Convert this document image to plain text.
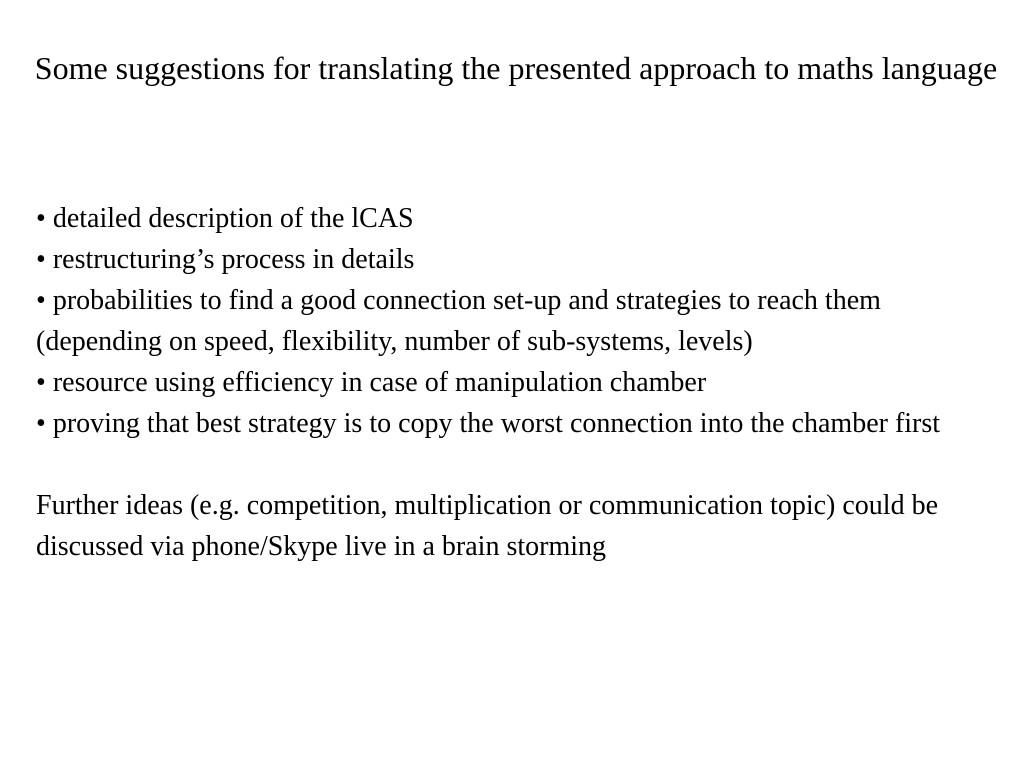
Some suggestions for translating the presented approach to maths language
• detailed description of the lCAS
• restructuring’s process in details
• probabilities to find a good connection set-up and strategies to reach them (depending on speed, flexibility, number of sub-systems, levels)
• resource using efficiency in case of manipulation chamber
• proving that best strategy is to copy the worst connection into the chamber first

Further ideas (e.g. competition, multiplication or communication topic) could be discussed via phone/Skype live in a brain storming
